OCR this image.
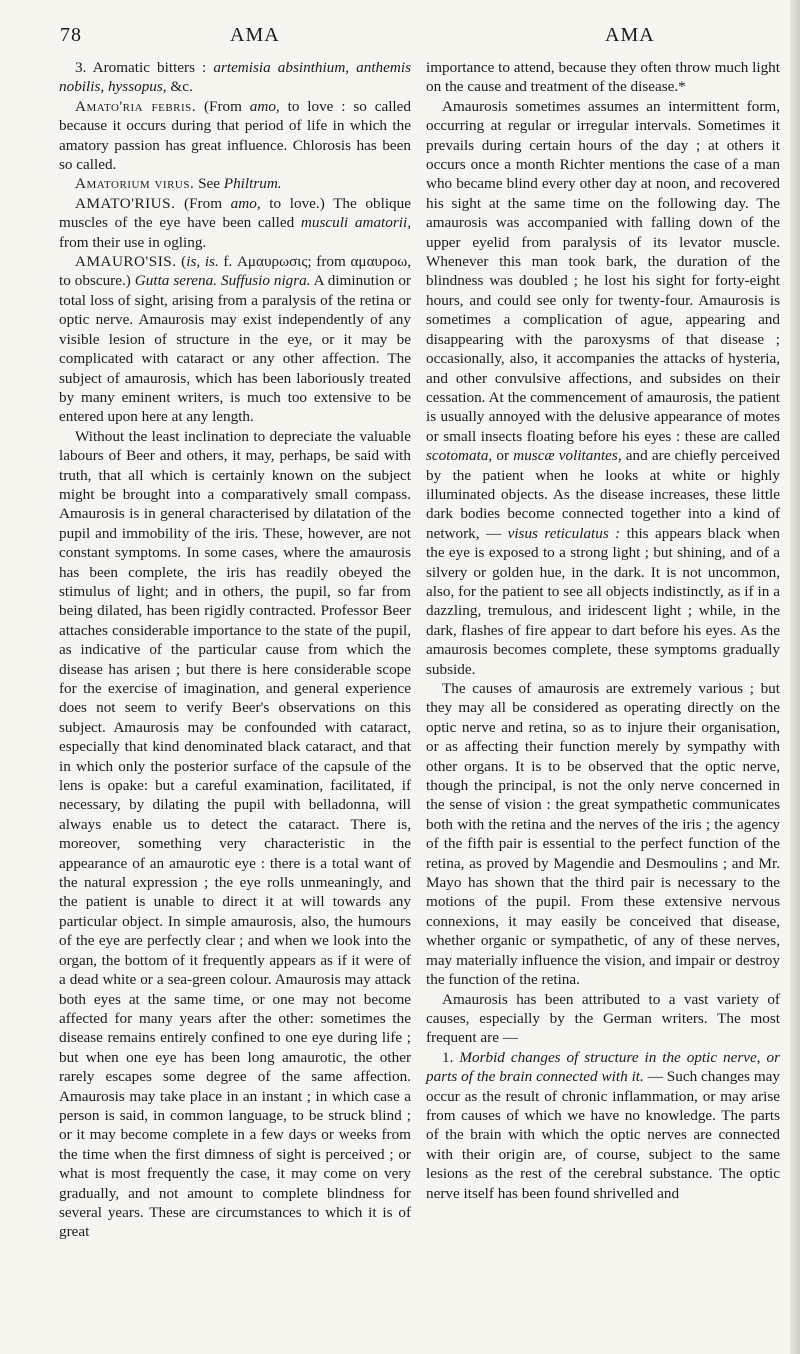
78	AMA	AMA

3. Aromatic bitters : artemisia absinthium, anthemis nobilis, hyssopus, &c.

Amato'ria febris. (From amo, to love : so called because it occurs during that period of life in which the amatory passion has great influence. Chlorosis has been so called.

Amatorium virus. See Philtrum.

AMATO'RIUS. (From amo, to love.) The oblique muscles of the eye have been called musculi amatorii, from their use in ogling.

AMAURO'SIS. (is, is. f. Αμαυρωσις; from αμαυροω, to obscure.) Gutta serena. Suffusio nigra. A diminution or total loss of sight, arising from a paralysis of the retina or optic nerve. Amaurosis may exist independently of any visible lesion of structure in the eye, or it may be complicated with cataract or any other affection. The subject of amaurosis, which has been laboriously treated by many eminent writers, is much too extensive to be entered upon here at any length.

Without the least inclination to depreciate the valuable labours of Beer and others, it may, perhaps, be said with truth, that all which is certainly known on the subject might be brought into a comparatively small compass. Amaurosis is in general characterised by dilatation of the pupil and immobility of the iris. These, however, are not constant symptoms. In some cases, where the amaurosis has been complete, the iris has readily obeyed the stimulus of light; and in others, the pupil, so far from being dilated, has been rigidly contracted. Professor Beer attaches considerable importance to the state of the pupil, as indicative of the particular cause from which the disease has arisen ; but there is here considerable scope for the exercise of imagination, and general experience does not seem to verify Beer's observations on this subject. Amaurosis may be confounded with cataract, especially that kind denominated black cataract, and that in which only the posterior surface of the capsule of the lens is opake: but a careful examination, facilitated, if necessary, by dilating the pupil with belladonna, will always enable us to detect the cataract. There is, moreover, something very characteristic in the appearance of an amaurotic eye : there is a total want of the natural expression ; the eye rolls unmeaningly, and the patient is unable to direct it at will towards any particular object. In simple amaurosis, also, the humours of the eye are perfectly clear ; and when we look into the organ, the bottom of it frequently appears as if it were of a dead white or a sea-green colour. Amaurosis may attack both eyes at the same time, or one may not become affected for many years after the other: sometimes the disease remains entirely confined to one eye during life ; but when one eye has been long amaurotic, the other rarely escapes some degree of the same affection. Amaurosis may take place in an instant ; in which case a person is said, in common language, to be struck blind ; or it may become complete in a few days or weeks from the time when the first dimness of sight is perceived ; or what is most frequently the case, it may come on very gradually, and not amount to complete blindness for several years. These are circumstances to which it is of great

importance to attend, because they often throw much light on the cause and treatment of the disease.*

Amaurosis sometimes assumes an intermittent form, occurring at regular or irregular intervals. Sometimes it prevails during certain hours of the day ; at others it occurs once a month Richter mentions the case of a man who became blind every other day at noon, and recovered his sight at the same time on the following day. The amaurosis was accompanied with falling down of the upper eyelid from paralysis of its levator muscle. Whenever this man took bark, the duration of the blindness was doubled ; he lost his sight for forty-eight hours, and could see only for twenty-four. Amaurosis is sometimes a complication of ague, appearing and disappearing with the paroxysms of that disease ; occasionally, also, it accompanies the attacks of hysteria, and other convulsive affections, and subsides on their cessation. At the commencement of amaurosis, the patient is usually annoyed with the delusive appearance of motes or small insects floating before his eyes : these are called scotomata, or muscæ volitantes, and are chiefly perceived by the patient when he looks at white or highly illuminated objects. As the disease increases, these little dark bodies become connected together into a kind of network, — visus reticulatus : this appears black when the eye is exposed to a strong light ; but shining, and of a silvery or golden hue, in the dark. It is not uncommon, also, for the patient to see all objects indistinctly, as if in a dazzling, tremulous, and iridescent light ; while, in the dark, flashes of fire appear to dart before his eyes. As the amaurosis becomes complete, these symptoms gradually subside.

The causes of amaurosis are extremely various ; but they may all be considered as operating directly on the optic nerve and retina, so as to injure their organisation, or as affecting their function merely by sympathy with other organs. It is to be observed that the optic nerve, though the principal, is not the only nerve concerned in the sense of vision : the great sympathetic communicates both with the retina and the nerves of the iris ; the agency of the fifth pair is essential to the perfect function of the retina, as proved by Magendie and Desmoulins ; and Mr. Mayo has shown that the third pair is necessary to the motions of the pupil. From these extensive nervous connexions, it may easily be conceived that disease, whether organic or sympathetic, of any of these nerves, may materially influence the vision, and impair or destroy the function of the retina.

Amaurosis has been attributed to a vast variety of causes, especially by the German writers. The most frequent are —

1. Morbid changes of structure in the optic nerve, or parts of the brain connected with it. — Such changes may occur as the result of chronic inflammation, or may arise from causes of which we have no knowledge. The parts of the brain with which the optic nerves are connected with their origin are, of course, subject to the same lesions as the rest of the cerebral substance. The optic nerve itself has been found shrivelled and
